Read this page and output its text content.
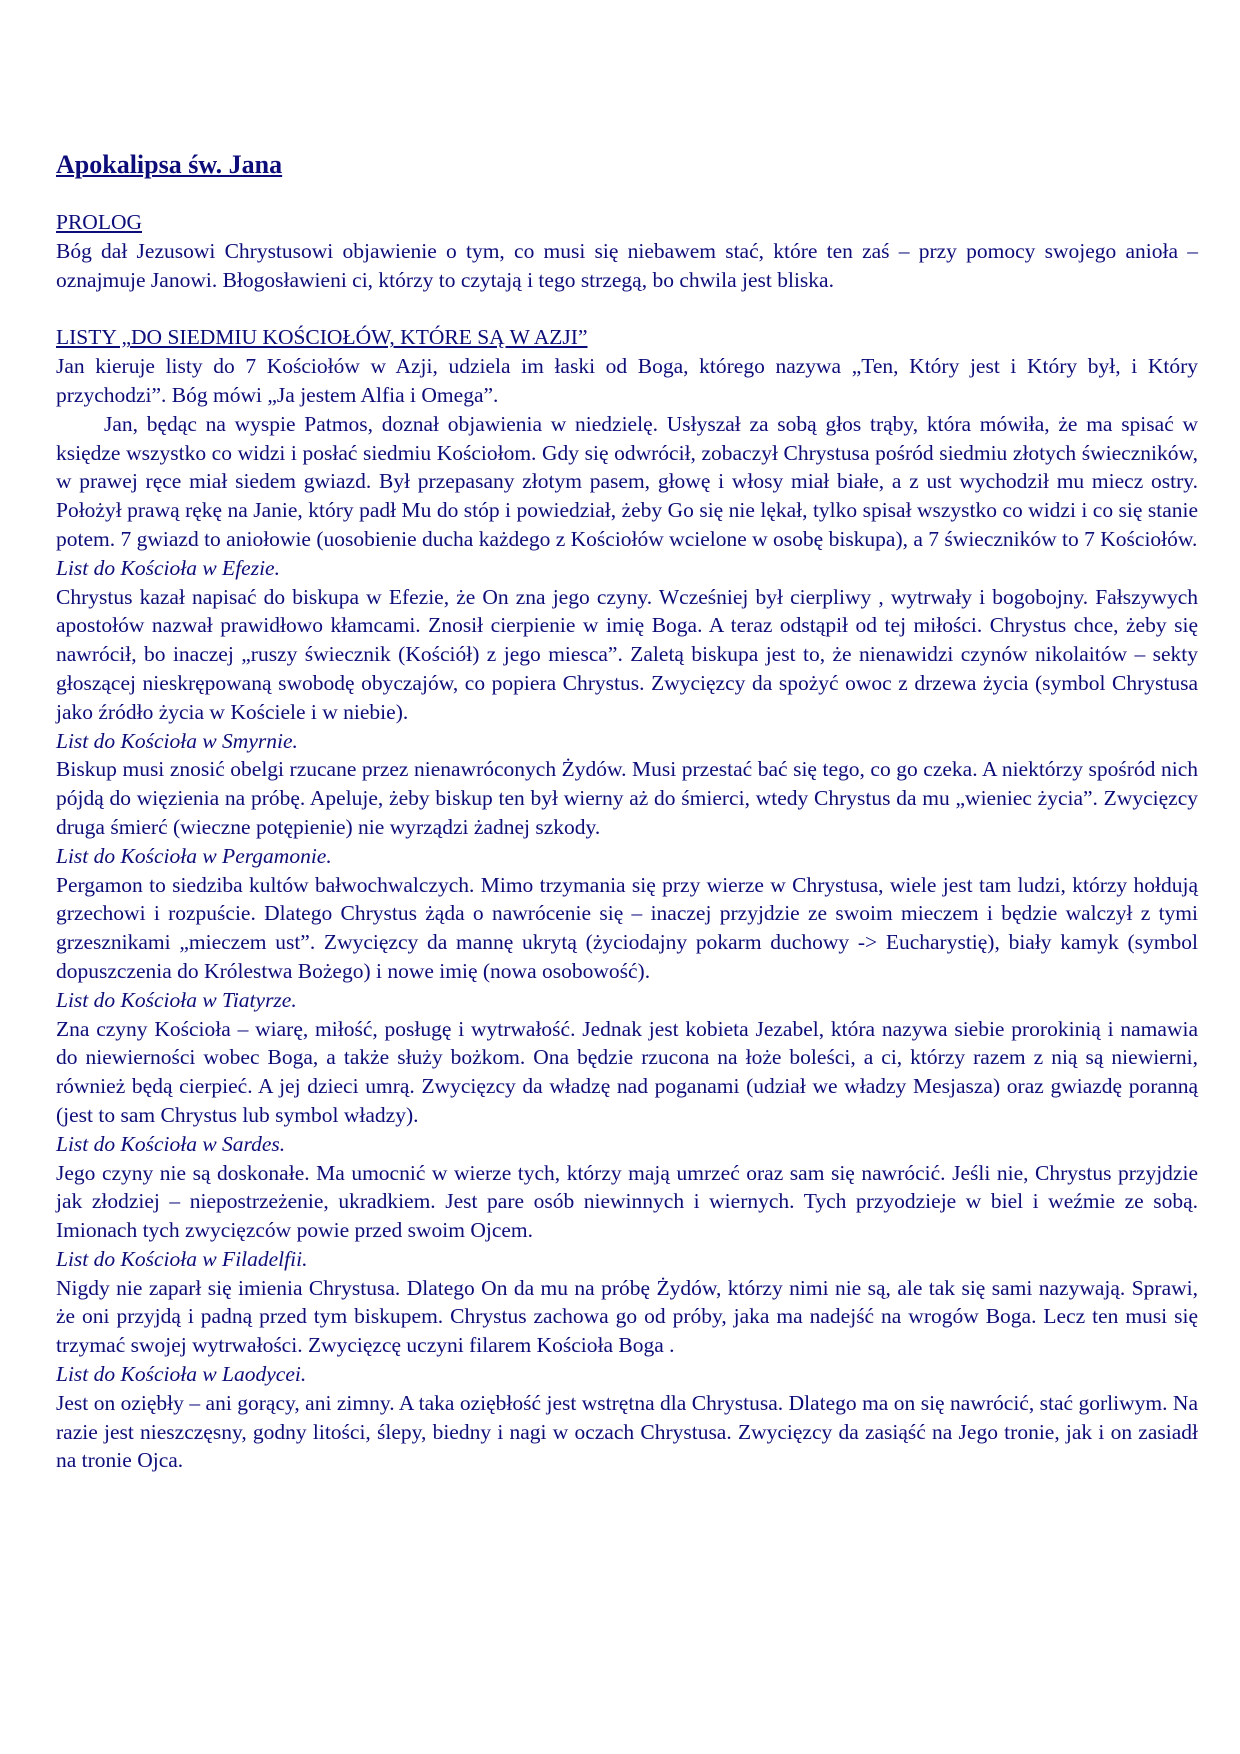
Apokalipsa św. Jana

PROLOG

Bóg dał Jezusowi Chrystusowi objawienie o tym, co musi się niebawem stać, które ten zaś – przy pomocy swojego anioła – oznajmuje Janowi. Błogosławieni ci, którzy to czytają i tego strzegą, bo chwila jest bliska.

LISTY „DO SIEDMIU KOŚCIOŁÓW, KTÓRE SĄ W AZJI”

Jan kieruje listy do 7 Kościołów w Azji, udziela im łaski od Boga, którego nazywa „Ten, Który jest i Który był, i Który przychodzi”. Bóg mówi „Ja jestem Alfia i Omega”.

Jan, będąc na wyspie Patmos, doznał objawienia w niedzielę. Usłyszał za sobą głos trąby, która mówiła, że ma spisać w księdze wszystko co widzi i posłać siedmiu Kościołom. Gdy się odwrócił, zobaczył Chrystusa pośród siedmiu złotych świeczników, w prawej ręce miał siedem gwiazd. Był przepasany złotym pasem, głowę i włosy miał białe, a z ust wychodził mu miecz ostry. Położył prawą rękę na Janie, który padł Mu do stóp i powiedział, żeby Go się nie lękał, tylko spisał wszystko co widzi i co się stanie potem. 7 gwiazd to aniołowie (uosobienie ducha każdego z Kościołów wcielone w osobę biskupa), a 7 świeczników to 7 Kościołów.

List do Kościoła w Efezie.

Chrystus kazał napisać do biskupa w Efezie, że On zna jego czyny. Wcześniej był cierpliwy , wytrwały i bogobojny. Fałszywych apostołów nazwał prawidłowo kłamcami. Znosił cierpienie w imię Boga. A teraz odstąpił od tej miłości. Chrystus chce, żeby się nawrócił, bo inaczej „ruszy świecznik (Kościół) z jego miesca”. Zaletą biskupa jest to, że nienawidzi czynów nikolaitów – sekty głoszącej nieskrępowaną swobodę obyczajów, co popiera Chrystus. Zwycięzcy da spożyć owoc z drzewa życia (symbol Chrystusa jako źródło życia w Kościele i w niebie).

List do Kościoła w Smyrnie.

Biskup musi znosić obelgi rzucane przez nienawróconych Żydów. Musi przestać bać się tego, co go czeka. A niektórzy spośród nich pójdą do więzienia na próbę. Apeluje, żeby biskup ten był wierny aż do śmierci, wtedy Chrystus da mu „wieniec życia”. Zwycięzcy druga śmierć (wieczne potępienie) nie wyrządzi żadnej szkody.

List do Kościoła w Pergamonie.

Pergamon to siedziba kultów bałwochwalczych. Mimo trzymania się przy wierze w Chrystusa, wiele jest tam ludzi, którzy hołdują grzechowi i rozpuście. Dlatego Chrystus żąda o nawrócenie się – inaczej przyjdzie ze swoim mieczem i będzie walczył z tymi grzesznikami „mieczem ust”. Zwycięzcy da mannę ukrytą (życiodajny pokarm duchowy -> Eucharystię), biały kamyk (symbol dopuszczenia do Królestwa Bożego) i nowe imię (nowa osobowość).

List do Kościoła w Tiatyrze.

Zna czyny Kościoła – wiarę, miłość, posługę i wytrwałość. Jednak jest kobieta Jezabel, która nazywa siebie prorokinią i namawia do niewierności wobec Boga, a także służy bożkom. Ona będzie rzucona na łoże boleści, a ci, którzy razem z nią są niewierni, również będą cierpieć. A jej dzieci umrą. Zwycięzcy da władzę nad poganami (udział we władzy Mesjasza) oraz gwiazdę poranną (jest to sam Chrystus lub symbol władzy).

List do Kościoła w Sardes.

Jego czyny nie są doskonałe. Ma umocnić w wierze tych, którzy mają umrzeć oraz sam się nawrócić. Jeśli nie, Chrystus przyjdzie jak złodziej – niepostrzeżenie, ukradkiem. Jest pare osób niewinnych i wiernych. Tych przyodzieje w biel i weźmie ze sobą. Imionach tych zwycięzców powie przed swoim Ojcem.

List do Kościoła w Filadelfii.

Nigdy nie zaparł się imienia Chrystusa. Dlatego On da mu na próbę Żydów, którzy nimi nie są, ale tak się sami nazywają. Sprawi, że oni przyjdą i padną przed tym biskupem. Chrystus zachowa go od próby, jaka ma nadejść na wrogów Boga. Lecz ten musi się trzymać swojej wytrwałości. Zwycięzcę uczyni filarem Kościoła Boga .

List do Kościoła w Laodycei.

Jest on oziębły – ani gorący, ani zimny. A taka oziębłość jest wstrętna dla Chrystusa. Dlatego ma on się nawrócić, stać gorliwym. Na razie jest nieszczęsny, godny litości, ślepy, biedny i nagi w oczach Chrystusa. Zwycięzcy da zasiąść na Jego tronie, jak i on zasiadł na tronie Ojca.
